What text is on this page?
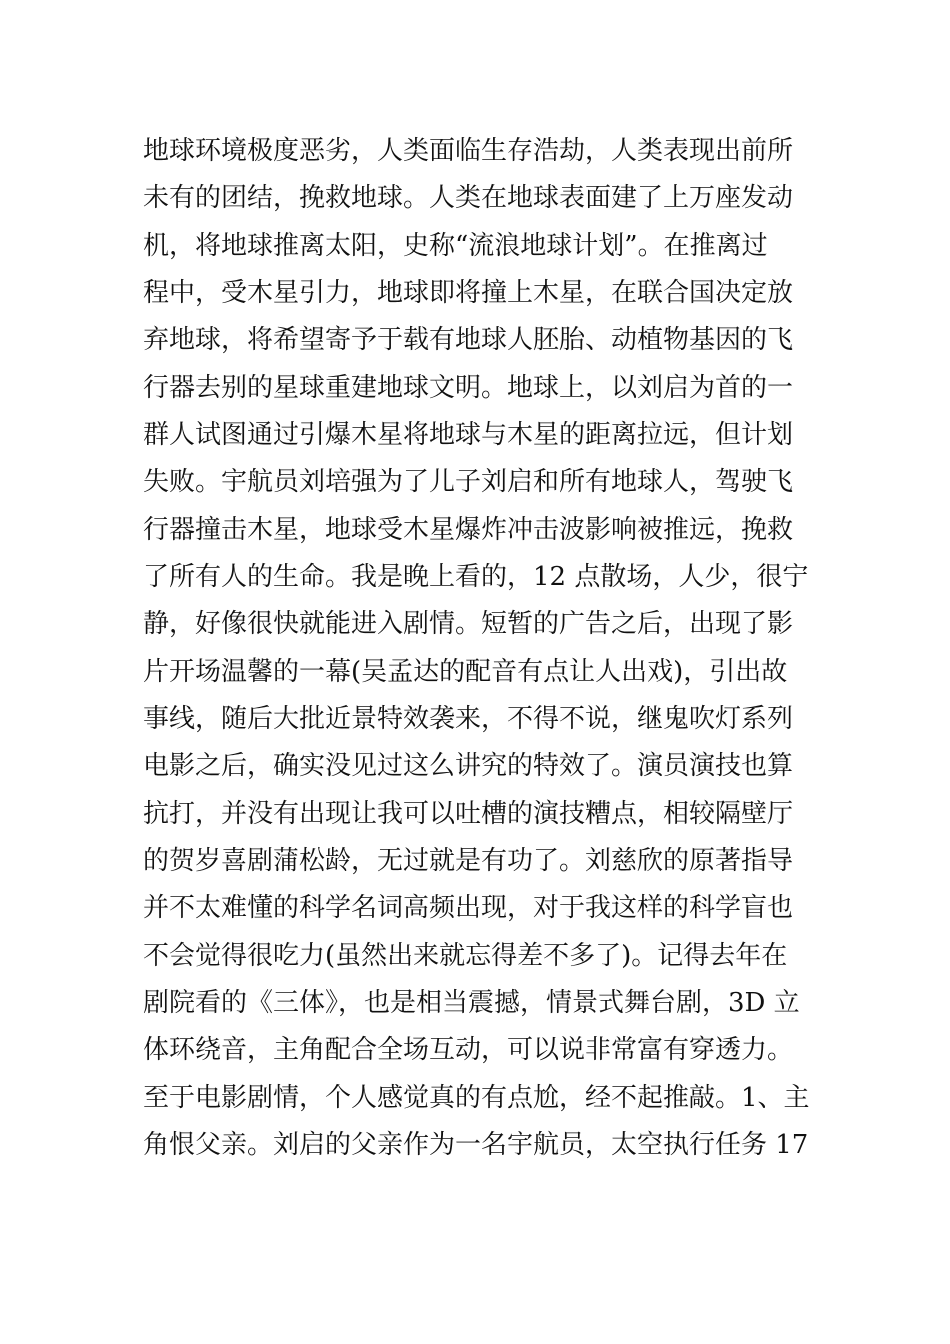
地球环境极度恶劣，人类面临生存浩劫，人类表现出前所
未有的团结，挽救地球。人类在地球表面建了上万座发动
机，将地球推离太阳，史称“流浪地球计划”。在推离过
程中，受木星引力，地球即将撞上木星，在联合国决定放
弃地球，将希望寄予于载有地球人胚胎、动植物基因的飞
行器去别的星球重建地球文明。地球上，以刘启为首的一
群人试图通过引爆木星将地球与木星的距离拉远，但计划
失败。宇航员刘培强为了儿子刘启和所有地球人，驾驶飞
行器撞击木星，地球受木星爆炸冲击波影响被推远，挽救
了所有人的生命。我是晚上看的，12 点散场，人少，很宁
静，好像很快就能进入剧情。短暂的广告之后，出现了影
片开场温馨的一幕(吴孟达的配音有点让人出戏)，引出故
事线，随后大批近景特效袭来，不得不说，继鬼吹灯系列
电影之后，确实没见过这么讲究的特效了。演员演技也算
抗打，并没有出现让我可以吐槽的演技糟点，相较隔壁厅
的贺岁喜剧蒲松龄，无过就是有功了。刘慈欣的原著指导
并不太难懂的科学名词高频出现，对于我这样的科学盲也
不会觉得很吃力(虽然出来就忘得差不多了)。记得去年在
剧院看的《三体》，也是相当震撼，情景式舞台剧，3D 立
体环绕音，主角配合全场互动，可以说非常富有穿透力。
至于电影剧情，个人感觉真的有点尬，经不起推敲。1、主
角恨父亲。刘启的父亲作为一名宇航员，太空执行任务 17
